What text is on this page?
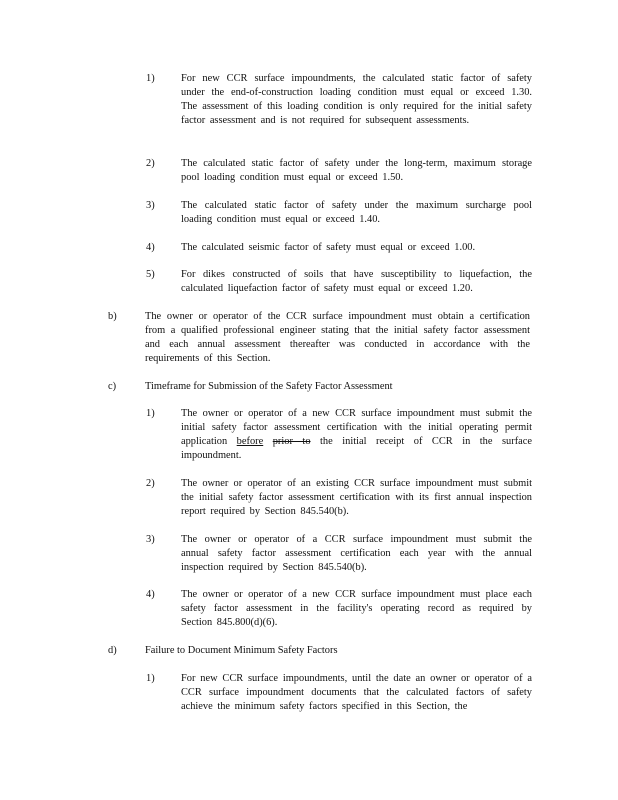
1)	For new CCR surface impoundments, the calculated static factor of safety under the end-of-construction loading condition must equal or exceed 1.30. The assessment of this loading condition is only required for the initial safety factor assessment and is not required for subsequent assessments.
2)	The calculated static factor of safety under the long-term, maximum storage pool loading condition must equal or exceed 1.50.
3)	The calculated static factor of safety under the maximum surcharge pool loading condition must equal or exceed 1.40.
4)	The calculated seismic factor of safety must equal or exceed 1.00.
5)	For dikes constructed of soils that have susceptibility to liquefaction, the calculated liquefaction factor of safety must equal or exceed 1.20.
b)	The owner or operator of the CCR surface impoundment must obtain a certification from a qualified professional engineer stating that the initial safety factor assessment and each annual assessment thereafter was conducted in accordance with the requirements of this Section.
c)	Timeframe for Submission of the Safety Factor Assessment
1)	The owner or operator of a new CCR surface impoundment must submit the initial safety factor assessment certification with the initial operating permit application before prior to the initial receipt of CCR in the surface impoundment.
2)	The owner or operator of an existing CCR surface impoundment must submit the initial safety factor assessment certification with its first annual inspection report required by Section 845.540(b).
3)	The owner or operator of a CCR surface impoundment must submit the annual safety factor assessment certification each year with the annual inspection required by Section 845.540(b).
4)	The owner or operator of a new CCR surface impoundment must place each safety factor assessment in the facility's operating record as required by Section 845.800(d)(6).
d)	Failure to Document Minimum Safety Factors
1)	For new CCR surface impoundments, until the date an owner or operator of a CCR surface impoundment documents that the calculated factors of safety achieve the minimum safety factors specified in this Section, the
